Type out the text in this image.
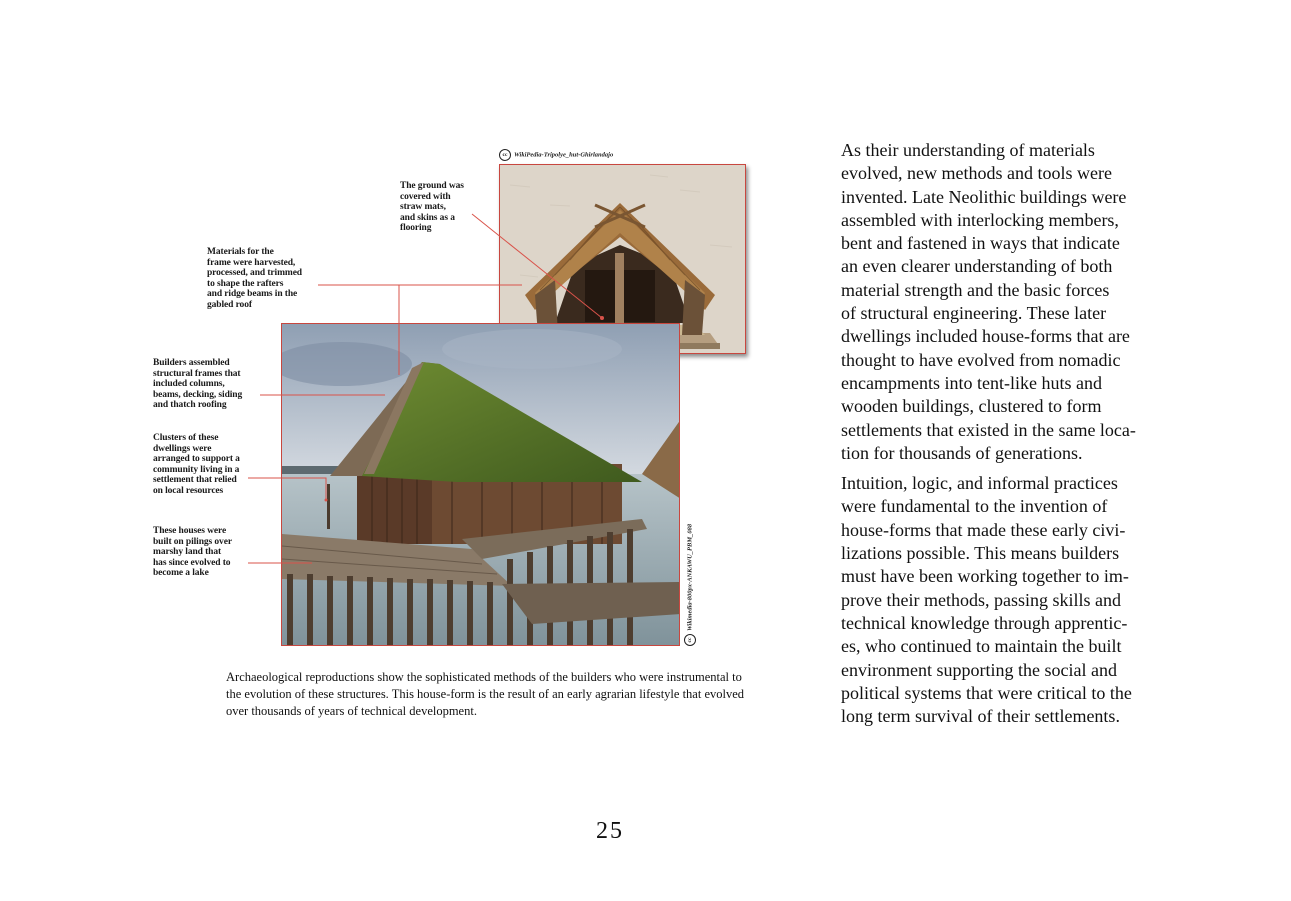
cc WikiPedia-Tripolye_hut-Ghirlandajo
ccWikimedia-800px-ANKAWU_PBM_088
The ground was
covered with
straw mats,
and skins as a
flooring
Materials for the
frame were harvested,
processed, and trimmed
to shape the rafters
and ridge beams in the
gabled roof
Builders assembled
structural frames that
included columns,
beams, decking, siding
and thatch roofing
Clusters of these
dwellings were
arranged to support a
community living in a
settlement that relied
on local resources
These houses were
built on pilings over
marshy land that
has since evolved to
become a lake
Archaeological reproductions show the sophisticated methods of the builders who were instrumental to the evolution of these structures. This house-form is the result of an early agrarian lifestyle that evolved over thousands of years of technical development.

As their understanding of materials
evolved, new methods and tools were
invented. Late Neolithic buildings were
assembled with interlocking members,
bent and fastened in ways that indicate
an even clearer understanding of both
material strength and the basic forces
of structural engineering. These later
dwellings included house-forms that are
thought to have evolved from nomadic
encampments into tent-like huts and
wooden buildings, clustered to form
settlements that existed in the same loca-
tion for thousands of generations.

Intuition, logic, and informal practices
were fundamental to the invention of
house-forms that made these early civi-
lizations possible. This means builders
must have been working together to im-
prove their methods, passing skills and
technical knowledge through apprentic-
es, who continued to maintain the built
environment supporting the social and
political systems that were critical to the
long term survival of their settlements.

25
